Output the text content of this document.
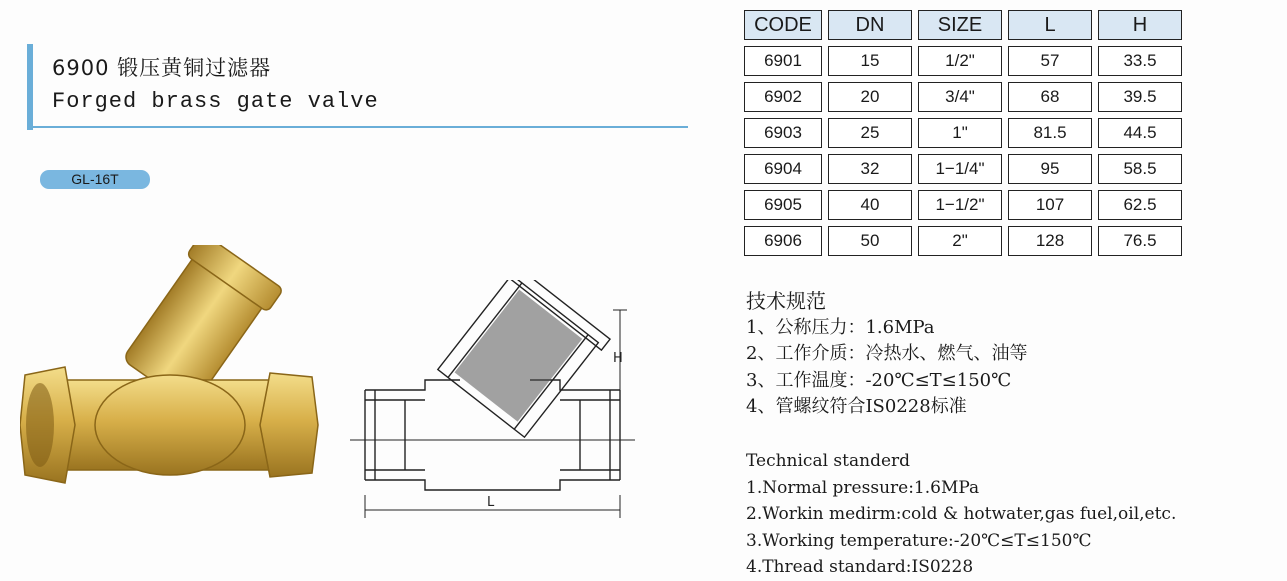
6900 锻压黄铜过滤器
Forged brass gate valve
GL-16T
H
L
CODE	DN	SIZE	L	H
6901	15	1/2"	57	33.5
6902	20	3/4"	68	39.5
6903	25	1"	81.5	44.5
6904	32	1−1/4"	95	58.5
6905	40	1−1/2"	107	62.5
6906	50	2"	128	76.5
技术规范
1、公称压力：1.6MPa
2、工作介质：冷热水、燃气、油等
3、工作温度：-20℃≤T≤150℃
4、管螺纹符合IS0228标准
Technical standerd
1.Normal pressure:1.6MPa
2.Workin medirm:cold & hotwater,gas fuel,oil,etc.
3.Working temperature:-20℃≤T≤150℃
4.Thread standard:IS0228
